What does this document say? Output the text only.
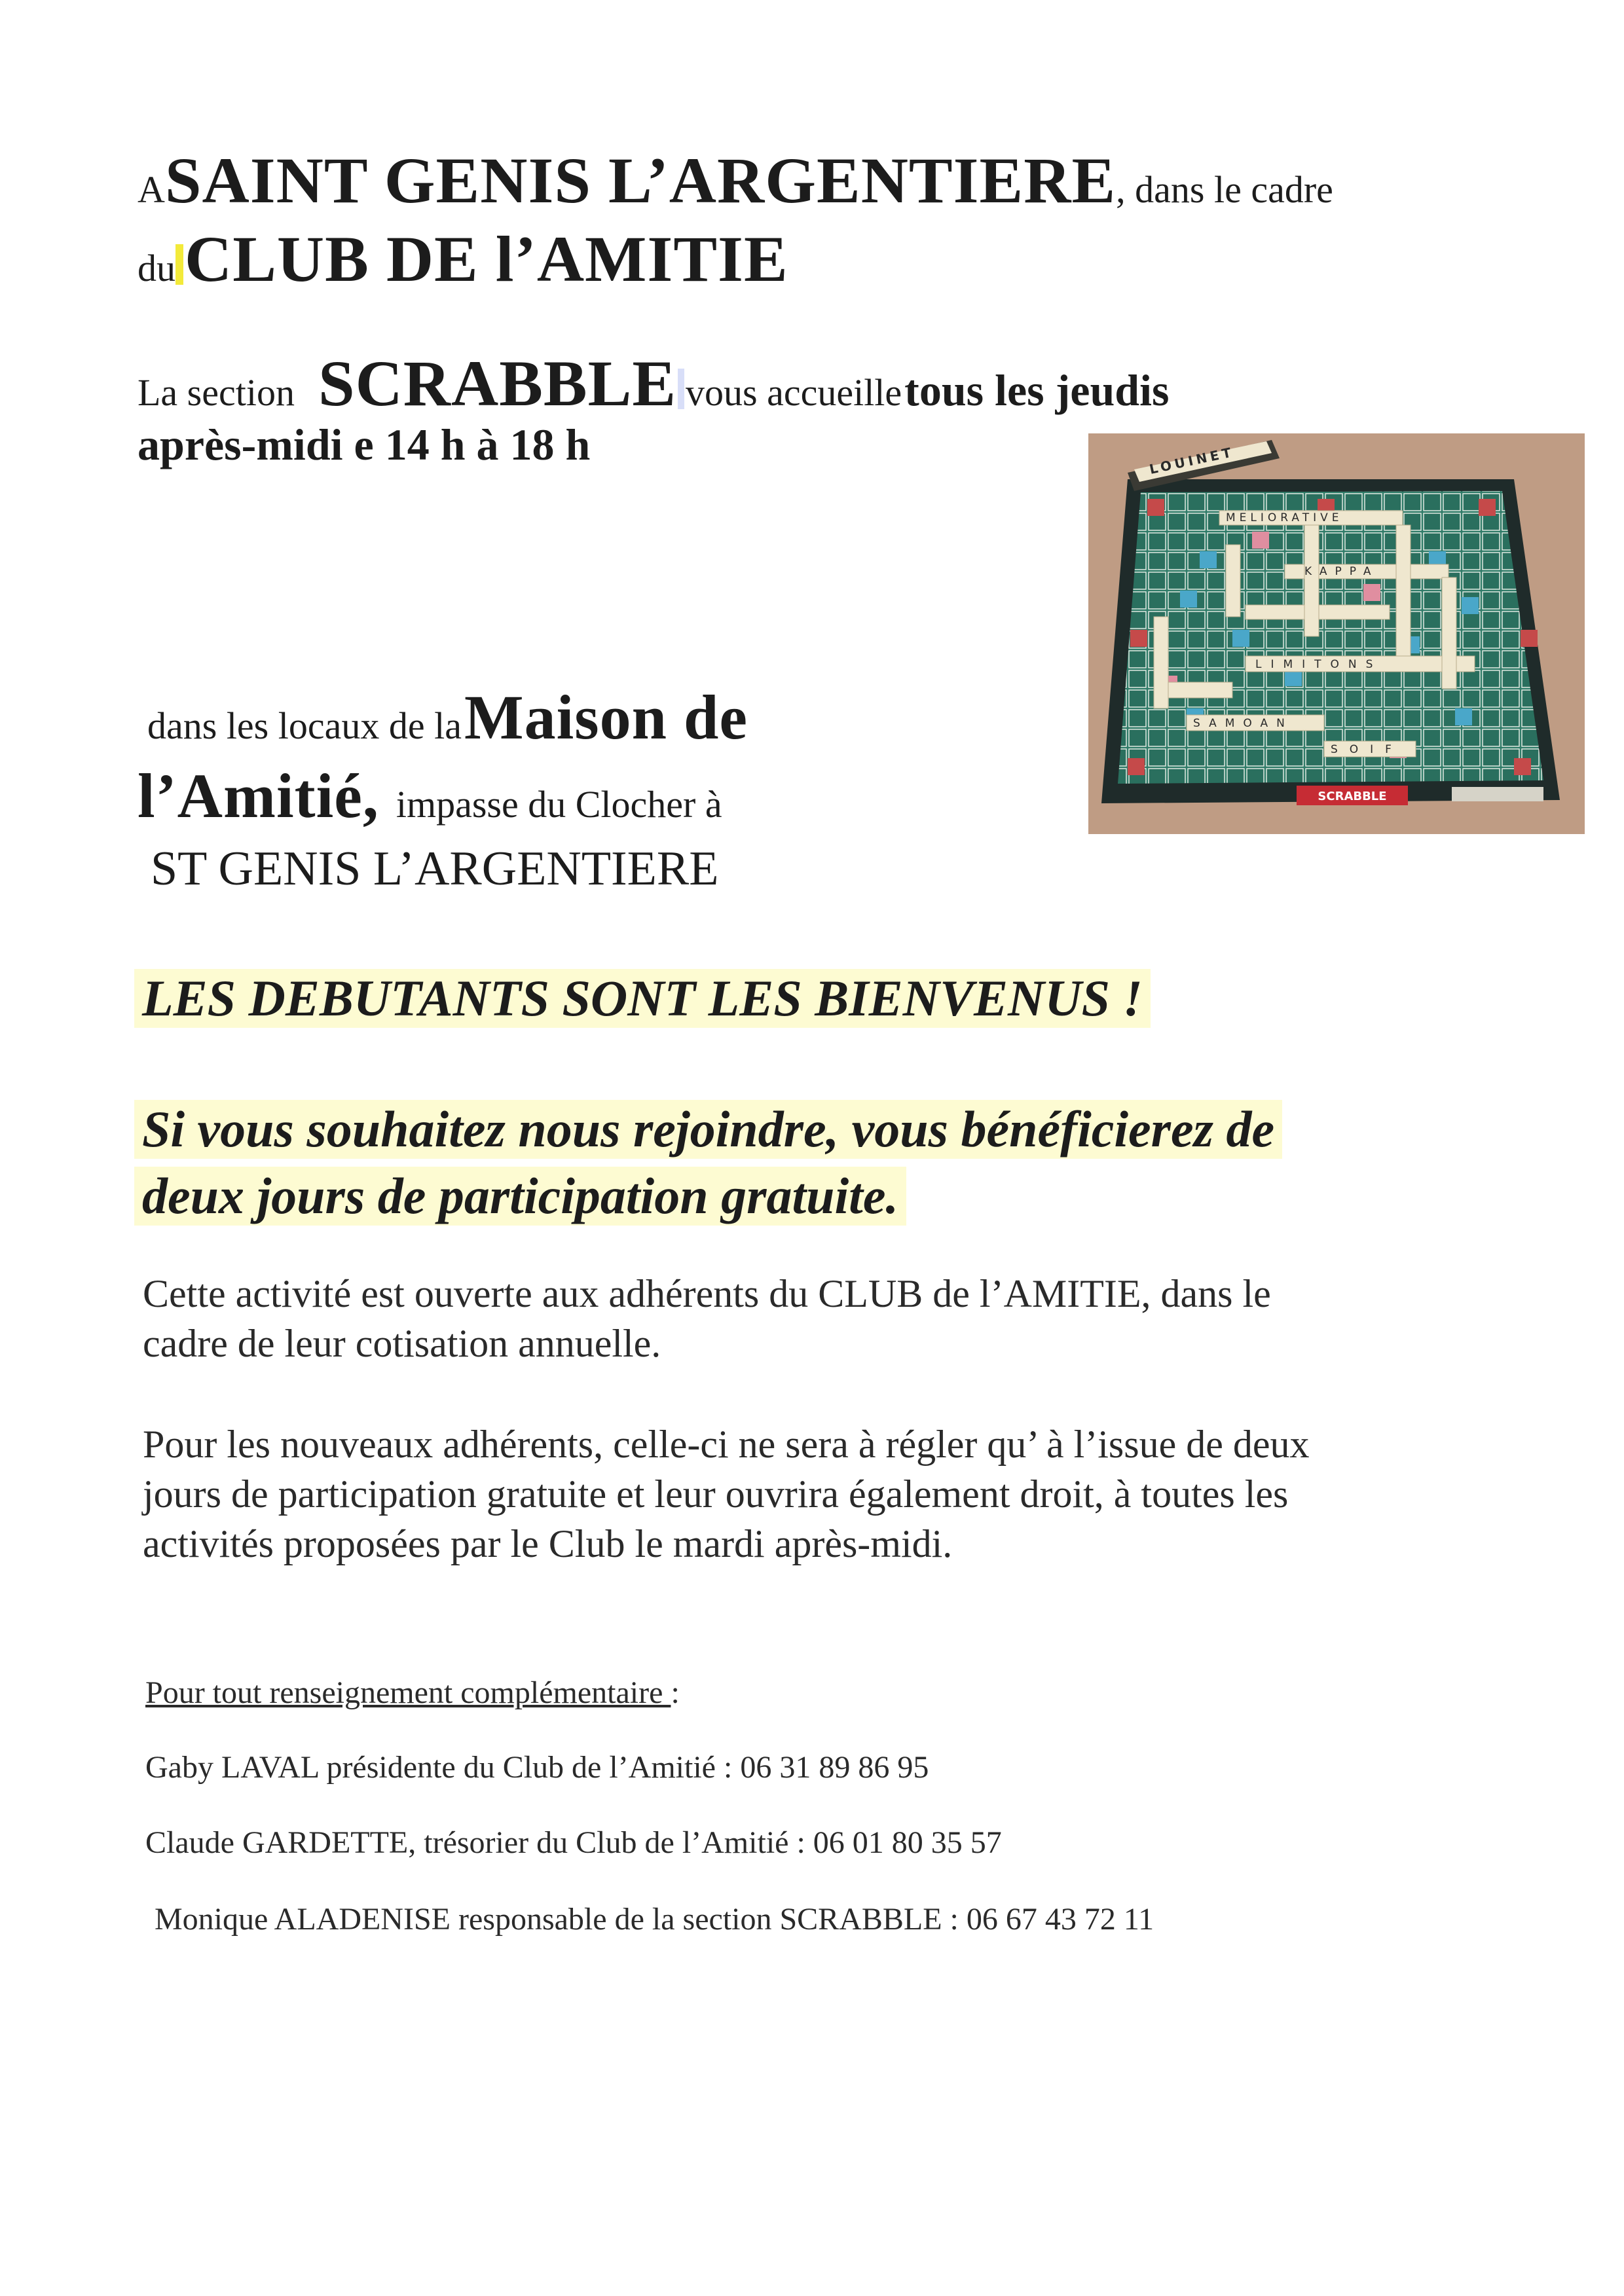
ASAINT GENIS L’ARGENTIERE, dans le cadre
du CLUB DE l’AMITIE
La section SCRABBLE vous accueille tous les jeudis
après-midi e 14 h à 18 h
LIMITONS
SAMOAN
SOIF
KAPPA
MELIORATIVE
LOUINET
SCRABBLE
dans les locaux de la Maison de
l’Amitié, impasse du Clocher à
ST GENIS L’ARGENTIERE
LES DEBUTANTS SONT LES BIENVENUS !
Si vous souhaitez nous rejoindre, vous bénéficierez de
deux jours de participation gratuite.
Cette activité est ouverte aux adhérents du CLUB de l’AMITIE, dans le
cadre de leur cotisation annuelle.
Pour les nouveaux adhérents, celle-ci ne sera à régler qu’ à l’issue de deux
jours de participation gratuite et leur ouvrira également droit, à toutes les
activités proposées par le Club le mardi après-midi.
Pour tout renseignement complémentaire :
Gaby LAVAL présidente du Club de l’Amitié : 06 31 89 86 95
Claude GARDETTE, trésorier du Club de l’Amitié : 06 01 80 35 57
Monique ALADENISE responsable de la section SCRABBLE : 06 67 43 72 11
